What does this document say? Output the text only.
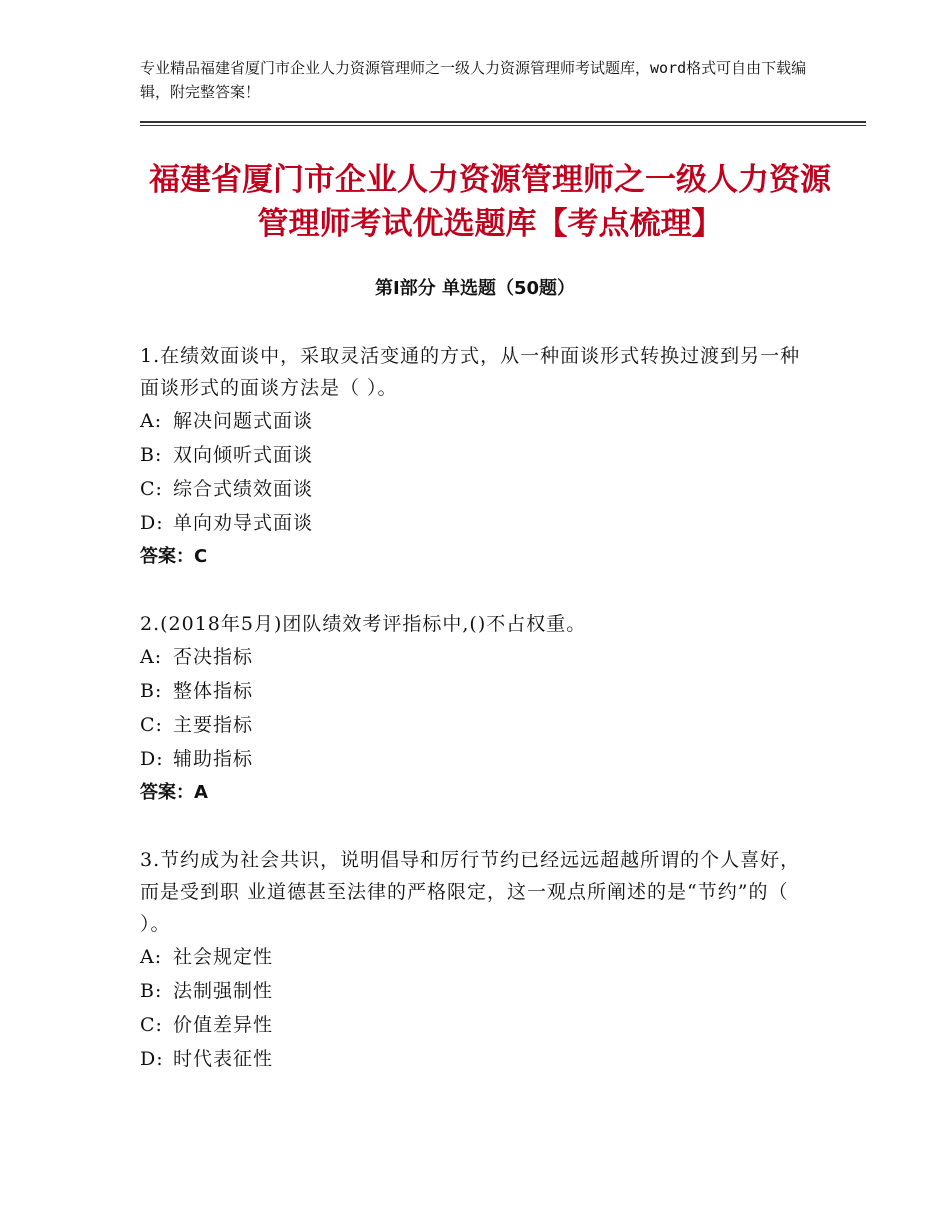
专业精品福建省厦门市企业人力资源管理师之一级人力资源管理师考试题库，word格式可自由下载编辑，附完整答案！
福建省厦门市企业人力资源管理师之一级人力资源管理师考试优选题库【考点梳理】
第Ⅰ部分 单选题（50题）
1.在绩效面谈中，采取灵活变通的方式，从一种面谈形式转换过渡到另一种面谈形式的面谈方法是（ ）。
A: 解决问题式面谈
B: 双向倾听式面谈
C: 综合式绩效面谈
D: 单向劝导式面谈
答案：C
2.(2018年5月)团队绩效考评指标中,()不占权重。
A: 否决指标
B: 整体指标
C: 主要指标
D: 辅助指标
答案：A
3.节约成为社会共识，说明倡导和厉行节约已经远远超越所谓的个人喜好，而是受到职 业道德甚至法律的严格限定，这一观点所阐述的是“节约”的（ ）。
A: 社会规定性
B: 法制强制性
C: 价值差异性
D: 时代表征性
